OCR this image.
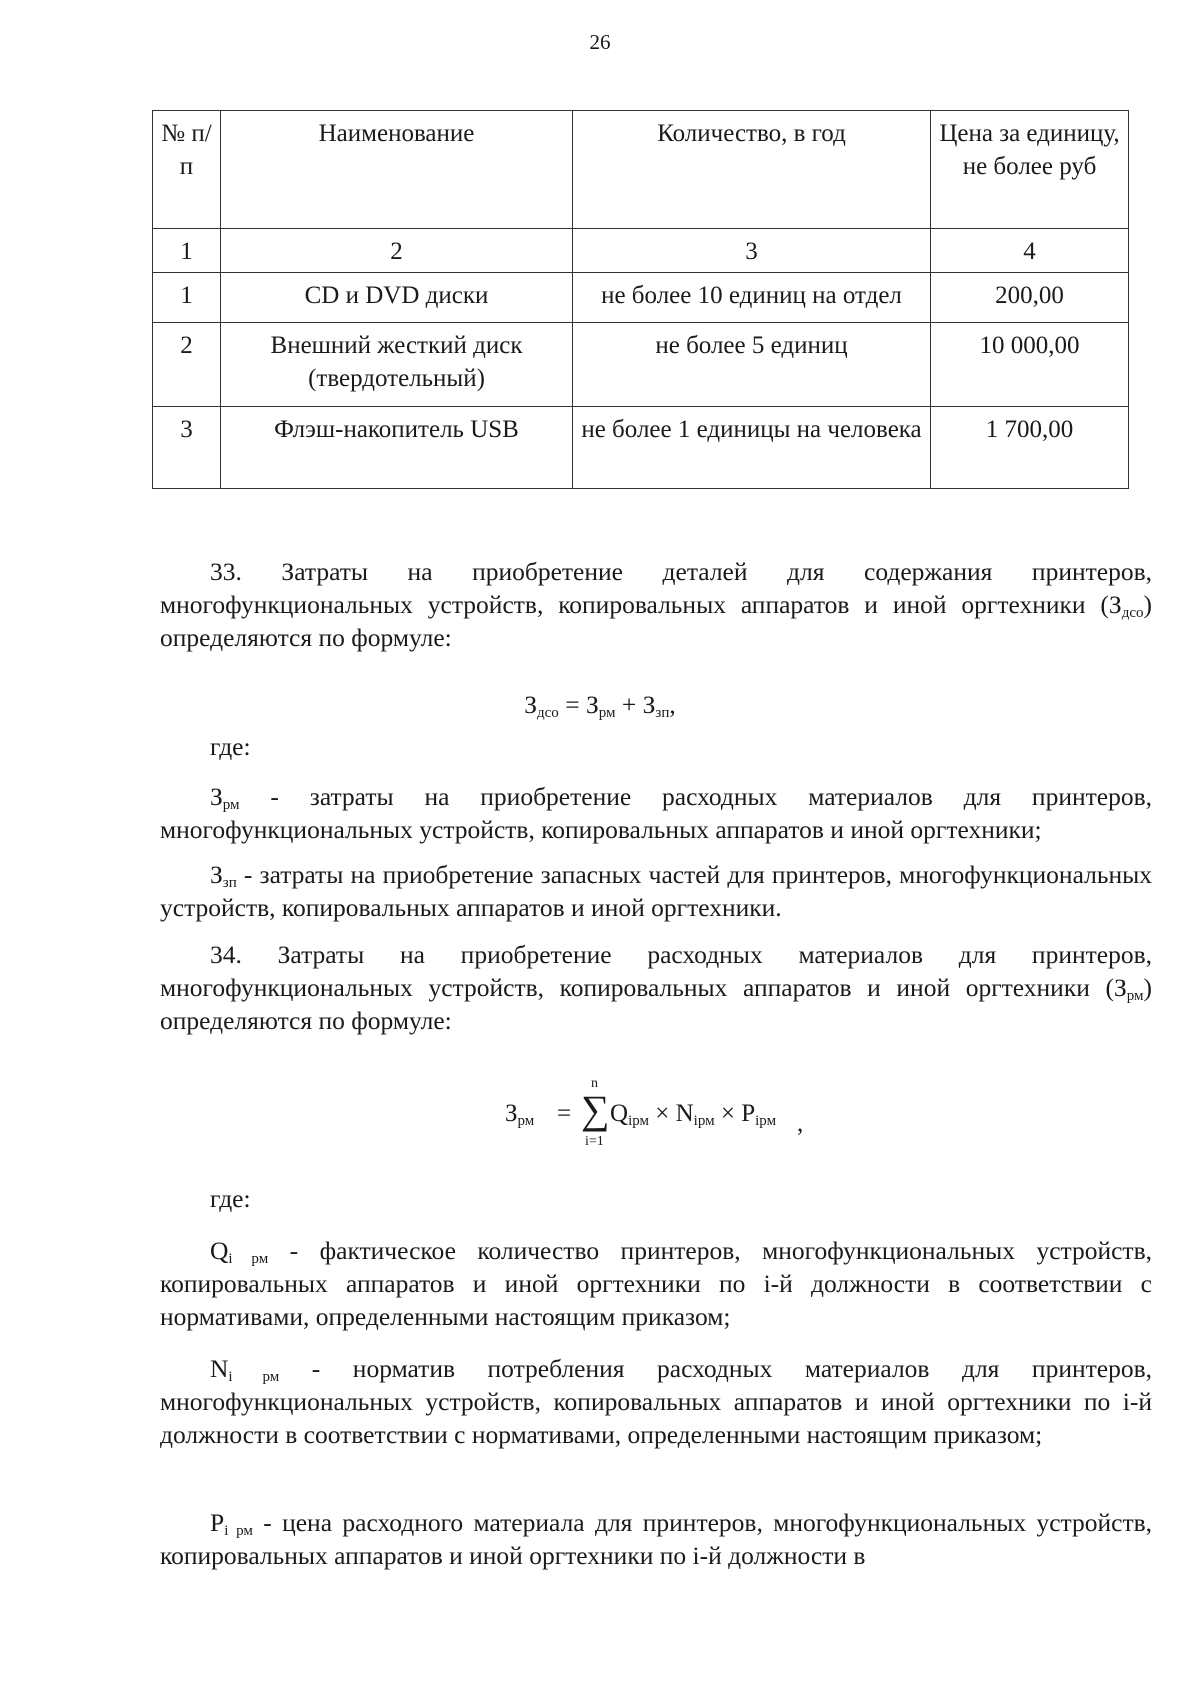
26
№ п/п	Наименование	Количество, в год	Цена за единицу, не более руб
1	2	3	4
1	CD и DVD диски	не более 10 единиц на отдел	200,00
2	Внешний жесткий диск (твердотельный)	не более 5 единиц	10 000,00
3	Флэш-накопитель USB	не более 1 единицы на человека	1 700,00

33. Затраты на приобретение деталей для содержания принтеров, многофункциональных устройств, копировальных аппаратов и иной оргтехники $(З_{дсо})$ определяются по формуле:

$З_{дсо} = З_{рм} + З_{зп}$,

где:

$З_{рм}$ - затраты на приобретение расходных материалов для принтеров, многофункциональных устройств, копировальных аппаратов и иной оргтехники;

$З_{зп}$ - затраты на приобретение запасных частей для принтеров, многофункциональных устройств, копировальных аппаратов и иной оргтехники.

34. Затраты на приобретение расходных материалов для принтеров, многофункциональных устройств, копировальных аппаратов и иной оргтехники $(З_{рм})$ определяются по формуле:

$З_{рм}$ =
n
∑
i=1
$Q_{iрм} \times N_{iрм} \times P_{iрм}$ ,

где:

$Q_{i рм}$ - фактическое количество принтеров, многофункциональных устройств, копировальных аппаратов и иной оргтехники по i-й должности в соответствии с нормативами, определенными настоящим приказом;

$N_{i рм}$ - норматив потребления расходных материалов для принтеров, многофункциональных устройств, копировальных аппаратов и иной оргтехники по i-й должности в соответствии с нормативами, определенными настоящим приказом;

$P_{i рм}$ - цена расходного материала для принтеров, многофункциональных устройств, копировальных аппаратов и иной оргтехники по i-й должности в
